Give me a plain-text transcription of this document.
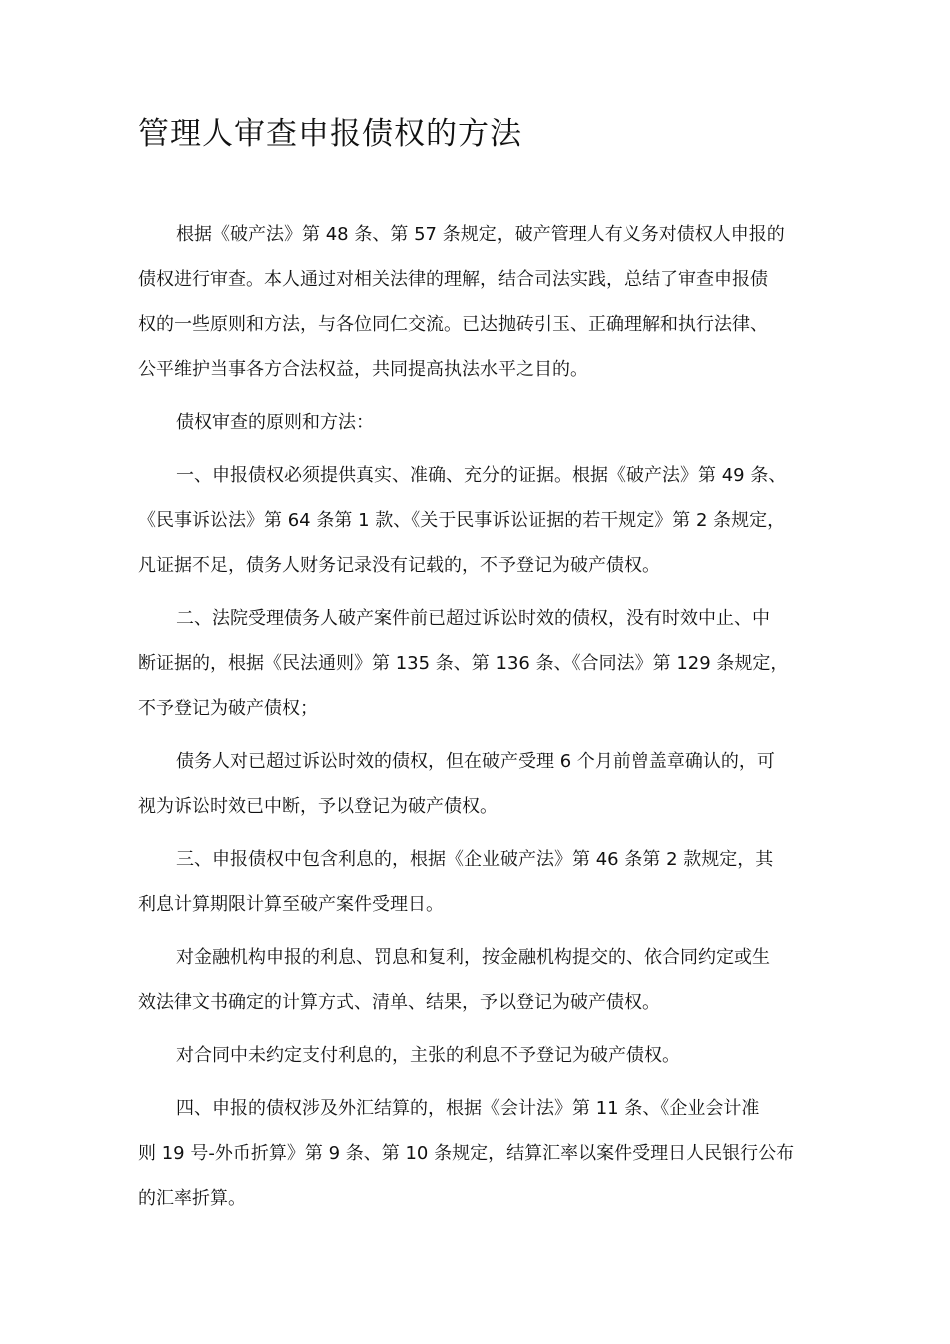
管理人审查申报债权的方法
根据《破产法》第 48 条、第 57 条规定，破产管理人有义务对债权人申报的
债权进行审查。本人通过对相关法律的理解，结合司法实践，总结了审查申报债
权的一些原则和方法，与各位同仁交流。已达抛砖引玉、正确理解和执行法律、
公平维护当事各方合法权益，共同提高执法水平之目的。
债权审查的原则和方法：
一、申报债权必须提供真实、准确、充分的证据。根据《破产法》第 49 条、
《民事诉讼法》第 64 条第 1 款、《关于民事诉讼证据的若干规定》第 2 条规定，
凡证据不足，债务人财务记录没有记载的，不予登记为破产债权。
二、法院受理债务人破产案件前已超过诉讼时效的债权，没有时效中止、中
断证据的，根据《民法通则》第 135 条、第 136 条、《合同法》第 129 条规定，
不予登记为破产债权；
债务人对已超过诉讼时效的债权，但在破产受理 6 个月前曾盖章确认的，可
视为诉讼时效已中断，予以登记为破产债权。
三、申报债权中包含利息的，根据《企业破产法》第 46 条第 2 款规定，其
利息计算期限计算至破产案件受理日。
对金融机构申报的利息、罚息和复利，按金融机构提交的、依合同约定或生
效法律文书确定的计算方式、清单、结果，予以登记为破产债权。
对合同中未约定支付利息的，主张的利息不予登记为破产债权。
四、申报的债权涉及外汇结算的，根据《会计法》第 11 条、《企业会计准
则 19 号-外币折算》第 9 条、第 10 条规定，结算汇率以案件受理日人民银行公布
的汇率折算。
